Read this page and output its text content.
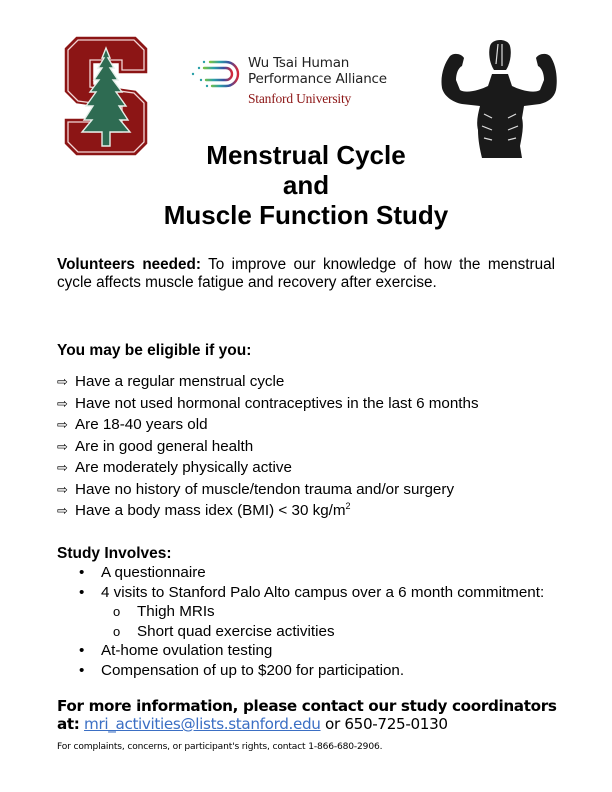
Wu Tsai Human
Performance Alliance
Stanford University
Menstrual Cycle
and
Muscle Function Study
Volunteers needed: To improve our knowledge of how the menstrual cycle affects muscle fatigue and recovery after exercise.
You may be eligible if you:
⇨ Have a regular menstrual cycle
⇨ Have not used hormonal contraceptives in the last 6 months
⇨ Are 18-40 years old
⇨ Are in good general health
⇨ Are moderately physically active
⇨ Have no history of muscle/tendon trauma and/or surgery
⇨ Have a body mass idex (BMI) < 30 $kg/m^2$
Study Involves:
• A questionnaire
• 4 visits to Stanford Palo Alto campus over a 6 month commitment:
o Thigh MRIs
o Short quad exercise activities
• At-home ovulation testing
• Compensation of up to $200 for participation.
For more information, please contact our study coordinators
at: mri_activities@lists.stanford.edu or 650-725-0130
For complaints, concerns, or participant's rights, contact 1-866-680-2906.
